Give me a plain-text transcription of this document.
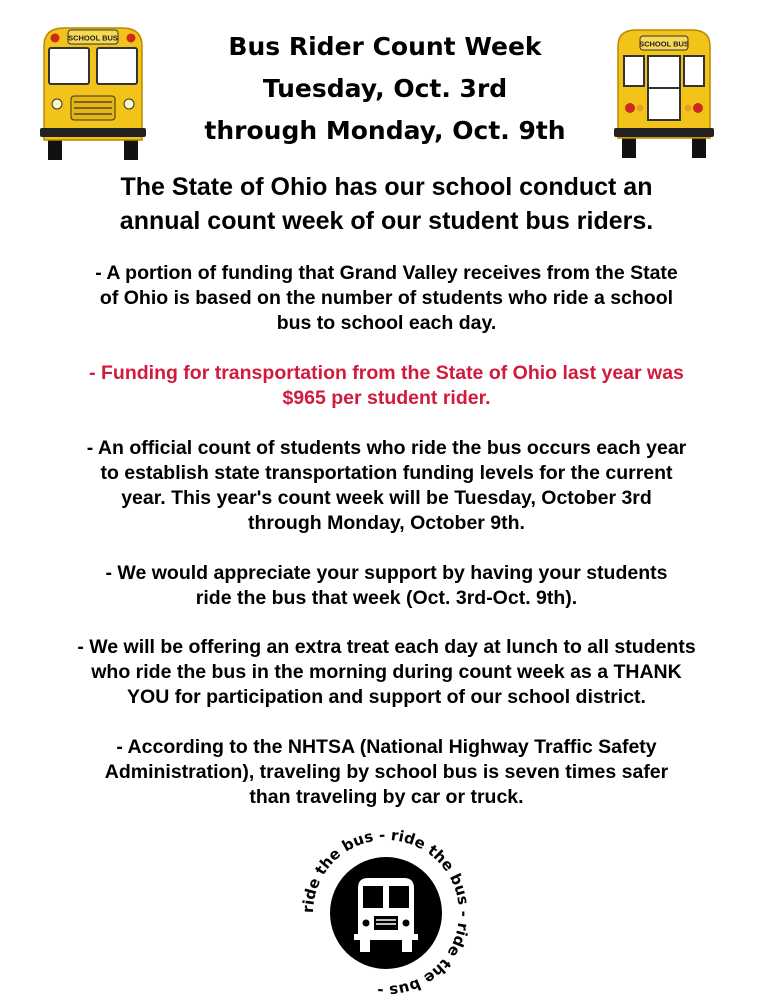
SCHOOL BUS	Bus Rider Count Week
Tuesday, Oct. 3rd
through Monday, Oct. 9th
SCHOOL BUS
The State of Ohio has our school conduct an
annual count week of our student bus riders.
- A portion of funding that Grand Valley receives from the State
of Ohio is based on the number of students who ride a school
bus to school each day.
- Funding for transportation from the State of Ohio last year was
$965 per student rider.
- An official count of students who ride the bus occurs each year
to establish state transportation funding levels for the current
year. This year's count week will be Tuesday, October 3rd
through Monday, October 9th.
- We would appreciate your support by having your students
ride the bus that week (Oct. 3rd-Oct. 9th).
- We will be offering an extra treat each day at lunch to all students
who ride the bus in the morning during count week as a THANK
YOU for participation and support of our school district.
- According to the NHTSA (National Highway Traffic Safety
Administration), traveling by school bus is seven times safer
than traveling by car or truck.
ride the bus - ride the bus - ride the bus -
